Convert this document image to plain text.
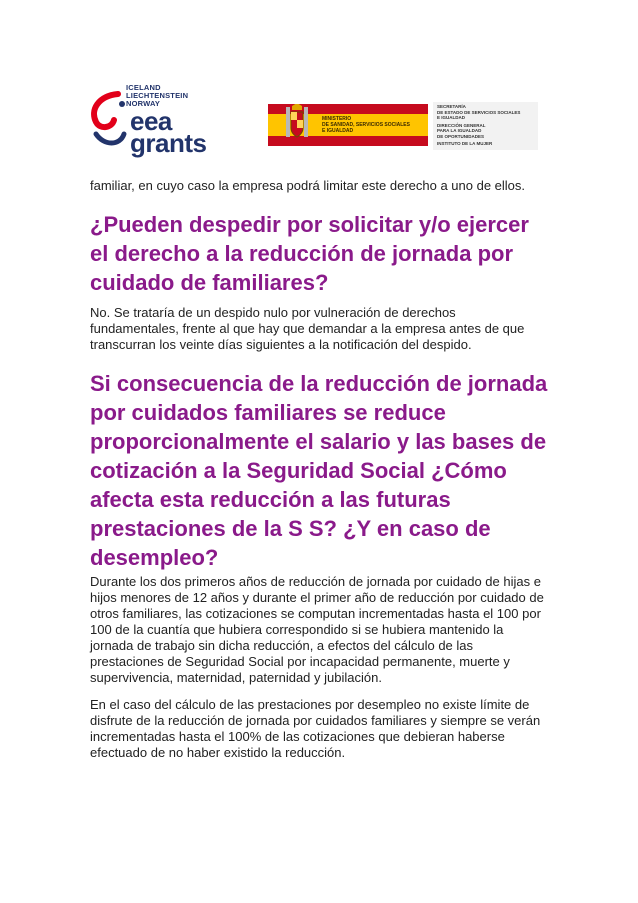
ICELAND
LIECHTENSTEIN
NORWAY
eea
grants
MINISTERIO
DE SANIDAD, SERVICIOS SOCIALES
E IGUALDAD
SECRETARÍA
DE ESTADO DE SERVICIOS SOCIALES
E IGUALDAD
DIRECCIÓN GENERAL
PARA LA IGUALDAD
DE OPORTUNIDADES
INSTITUTO DE LA MUJER

familiar, en cuyo caso la empresa podrá limitar este derecho a uno de ellos.

¿Pueden despedir por solicitar y/o ejercer el derecho a la reducción de jornada por cuidado de familiares?

No. Se trataría de un despido nulo por vulneración de derechos fundamentales, frente al que hay que demandar a la empresa antes de que transcurran los veinte días siguientes a la notificación del despido.

Si consecuencia de la reducción de jornada por cuidados familiares se reduce proporcionalmente el salario y las bases de cotización a la Seguridad Social ¿Cómo afecta esta reducción a las futuras prestaciones de la S S? ¿Y en caso de desempleo?

Durante los dos primeros años de reducción de jornada por cuidado de hijas e hijos menores de 12 años y durante el primer año de reducción por cuidado de otros familiares, las cotizaciones se computan incrementadas hasta el 100 por 100 de la cuantía que hubiera correspondido si se hubiera mantenido la jornada de trabajo sin dicha reducción, a efectos del cálculo de las prestaciones de Seguridad Social por incapacidad permanente, muerte y supervivencia, maternidad, paternidad y jubilación.

En el caso del cálculo de las prestaciones por desempleo no existe límite de disfrute de la reducción de jornada por cuidados familiares y siempre se verán incrementadas hasta el 100% de las cotizaciones que debieran haberse efectuado de no haber existido la reducción.
